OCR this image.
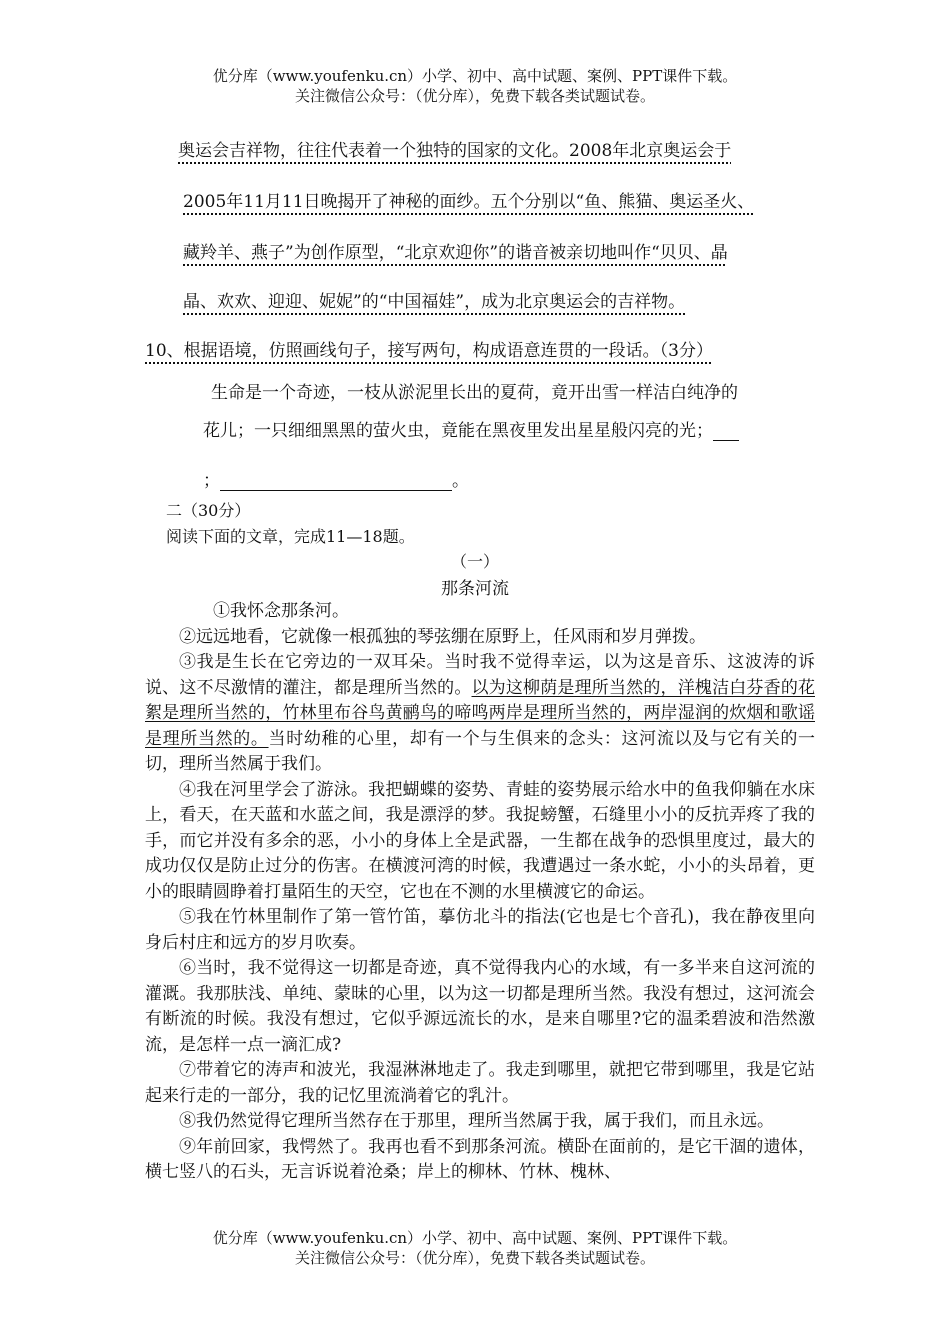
优分库（www.youfenku.cn）小学、初中、高中试题、案例、PPT课件下载。
关注微信公众号：（优分库），免费下载各类试题试卷。
奥运会吉祥物，往往代表着一个独特的国家的文化。2008年北京奥运会于
2005年11月11日晚揭开了神秘的面纱。五个分别以“鱼、熊猫、奥运圣火、
藏羚羊、燕子”为创作原型，“北京欢迎你”的谐音被亲切地叫作“贝贝、晶
晶、欢欢、迎迎、妮妮”的“中国福娃”，成为北京奥运会的吉祥物。
10、根据语境，仿照画线句子，接写两句，构成语意连贯的一段话。（3分）
生命是一个奇迹，一枝从淤泥里长出的夏荷，竟开出雪一样洁白纯净的
花儿；一只细细黑黑的萤火虫，竟能在黑夜里发出星星般闪亮的光；
；	。
二（30分）
阅读下面的文章，完成11—18题。
（一）
那条河流

①我怀念那条河。

②远远地看，它就像一根孤独的琴弦绷在原野上，任风雨和岁月弹拨。

③我是生长在它旁边的一双耳朵。当时我不觉得幸运，以为这是音乐、这波涛的诉说、这不尽激情的灌注，都是理所当然的。以为这柳荫是理所当然的，洋槐洁白芬香的花絮是理所当然的，竹林里布谷鸟黄鹂鸟的啼鸣两岸是理所当然的，两岸湿润的炊烟和歌谣是理所当然的。当时幼稚的心里，却有一个与生俱来的念头：这河流以及与它有关的一切，理所当然属于我们。

④我在河里学会了游泳。我把蝴蝶的姿势、青蛙的姿势展示给水中的鱼我仰躺在水床上，看天，在天蓝和水蓝之间，我是漂浮的梦。我捉螃蟹，石缝里小小的反抗弄疼了我的手，而它并没有多余的恶，小小的身体上全是武器，一生都在战争的恐惧里度过，最大的成功仅仅是防止过分的伤害。在横渡河湾的时候，我遭遇过一条水蛇，小小的头昂着，更小的眼睛圆睁着打量陌生的天空，它也在不测的水里横渡它的命运。

⑤我在竹林里制作了第一管竹笛，摹仿北斗的指法(它也是七个音孔)，我在静夜里向身后村庄和远方的岁月吹奏。

⑥当时，我不觉得这一切都是奇迹，真不觉得我内心的水域，有一多半来自这河流的灌溉。我那肤浅、单纯、蒙昧的心里，以为这一切都是理所当然。我没有想过，这河流会有断流的时候。我没有想过，它似乎源远流长的水，是来自哪里?它的温柔碧波和浩然激流，是怎样一点一滴汇成?

⑦带着它的涛声和波光，我湿淋淋地走了。我走到哪里，就把它带到哪里，我是它站起来行走的一部分，我的记忆里流淌着它的乳汁。

⑧我仍然觉得它理所当然存在于那里，理所当然属于我，属于我们，而且永远。

⑨年前回家，我愕然了。我再也看不到那条河流。横卧在面前的，是它干涸的遗体，横七竖八的石头，无言诉说着沧桑；岸上的柳林、竹林、槐林、

优分库（www.youfenku.cn）小学、初中、高中试题、案例、PPT课件下载。
关注微信公众号：（优分库），免费下载各类试题试卷。
